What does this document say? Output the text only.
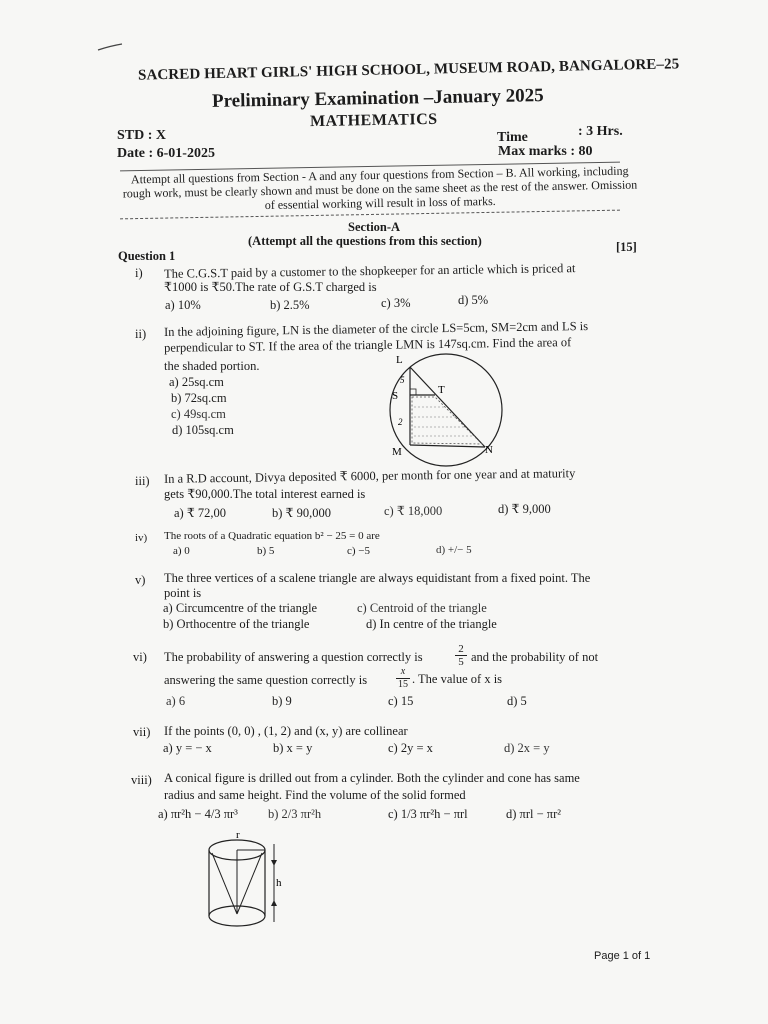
SACRED HEART GIRLS' HIGH SCHOOL, MUSEUM ROAD, BANGALORE–25
Preliminary Examination –January 2025
MATHEMATICS
STD : X	Time	: 3 Hrs.
Date : 6-01-2025	Max marks : 80
Attempt all questions from Section - A and any four questions from Section – B. All working, including rough work, must be clearly shown and must be done on the same sheet as the rest of the answer. Omission of essential working will result in loss of marks.
Section-A
(Attempt all the questions from this section)
Question 1
[15]
i) The C.G.S.T paid by a customer to the shopkeeper for an article which is priced at
₹1000 is ₹50.The rate of G.S.T charged is
a) 10%	b) 2.5%	c) 3%	d) 5%
ii) In the adjoining figure, LN is the diameter of the circle LS=5cm, SM=2cm and LS is
perpendicular to ST. If the area of the triangle LMN is 147sq.cm. Find the area of
the shaded portion.
a) 25sq.cm
b) 72sq.cm
c) 49sq.cm
d) 105sq.cm
L
S	T
M	N
5
2
iii) In a R.D account, Divya deposited ₹ 6000, per month for one year and at maturity
gets ₹90,000.The total interest earned is
a) ₹ 72,00	b) ₹ 90,000	c) ₹ 18,000	d) ₹ 9,000
iv) The roots of a Quadratic equation b² − 25 = 0 are
a) 0	b) 5	c) −5	d) +/− 5
v) The three vertices of a scalene triangle are always equidistant from a fixed point. The
point is
a) Circumcentre of the triangle	c) Centroid of the triangle
b) Orthocentre of the triangle	d) In centre of the triangle
vi) The probability of answering a question correctly is	$\frac{2}{5}$ and the probability of not
answering the same question correctly is	$\frac{x}{15}$ . The value of x is
a) 6	b) 9	c) 15	d) 5
vii) If the points (0, 0) , (1, 2) and (x, y) are collinear
a) y = − x	b) x = y	c) 2y = x	d) 2x = y
viii) A conical figure is drilled out from a cylinder. Both the cylinder and cone has same
radius and same height. Find the volume of the solid formed
a) πr²h − 4/3 πr³ b) 2/3 πr²h	c) 1/3 πr²h − πrl	d) πrl − πr²
r
h
Page 1 of 1
